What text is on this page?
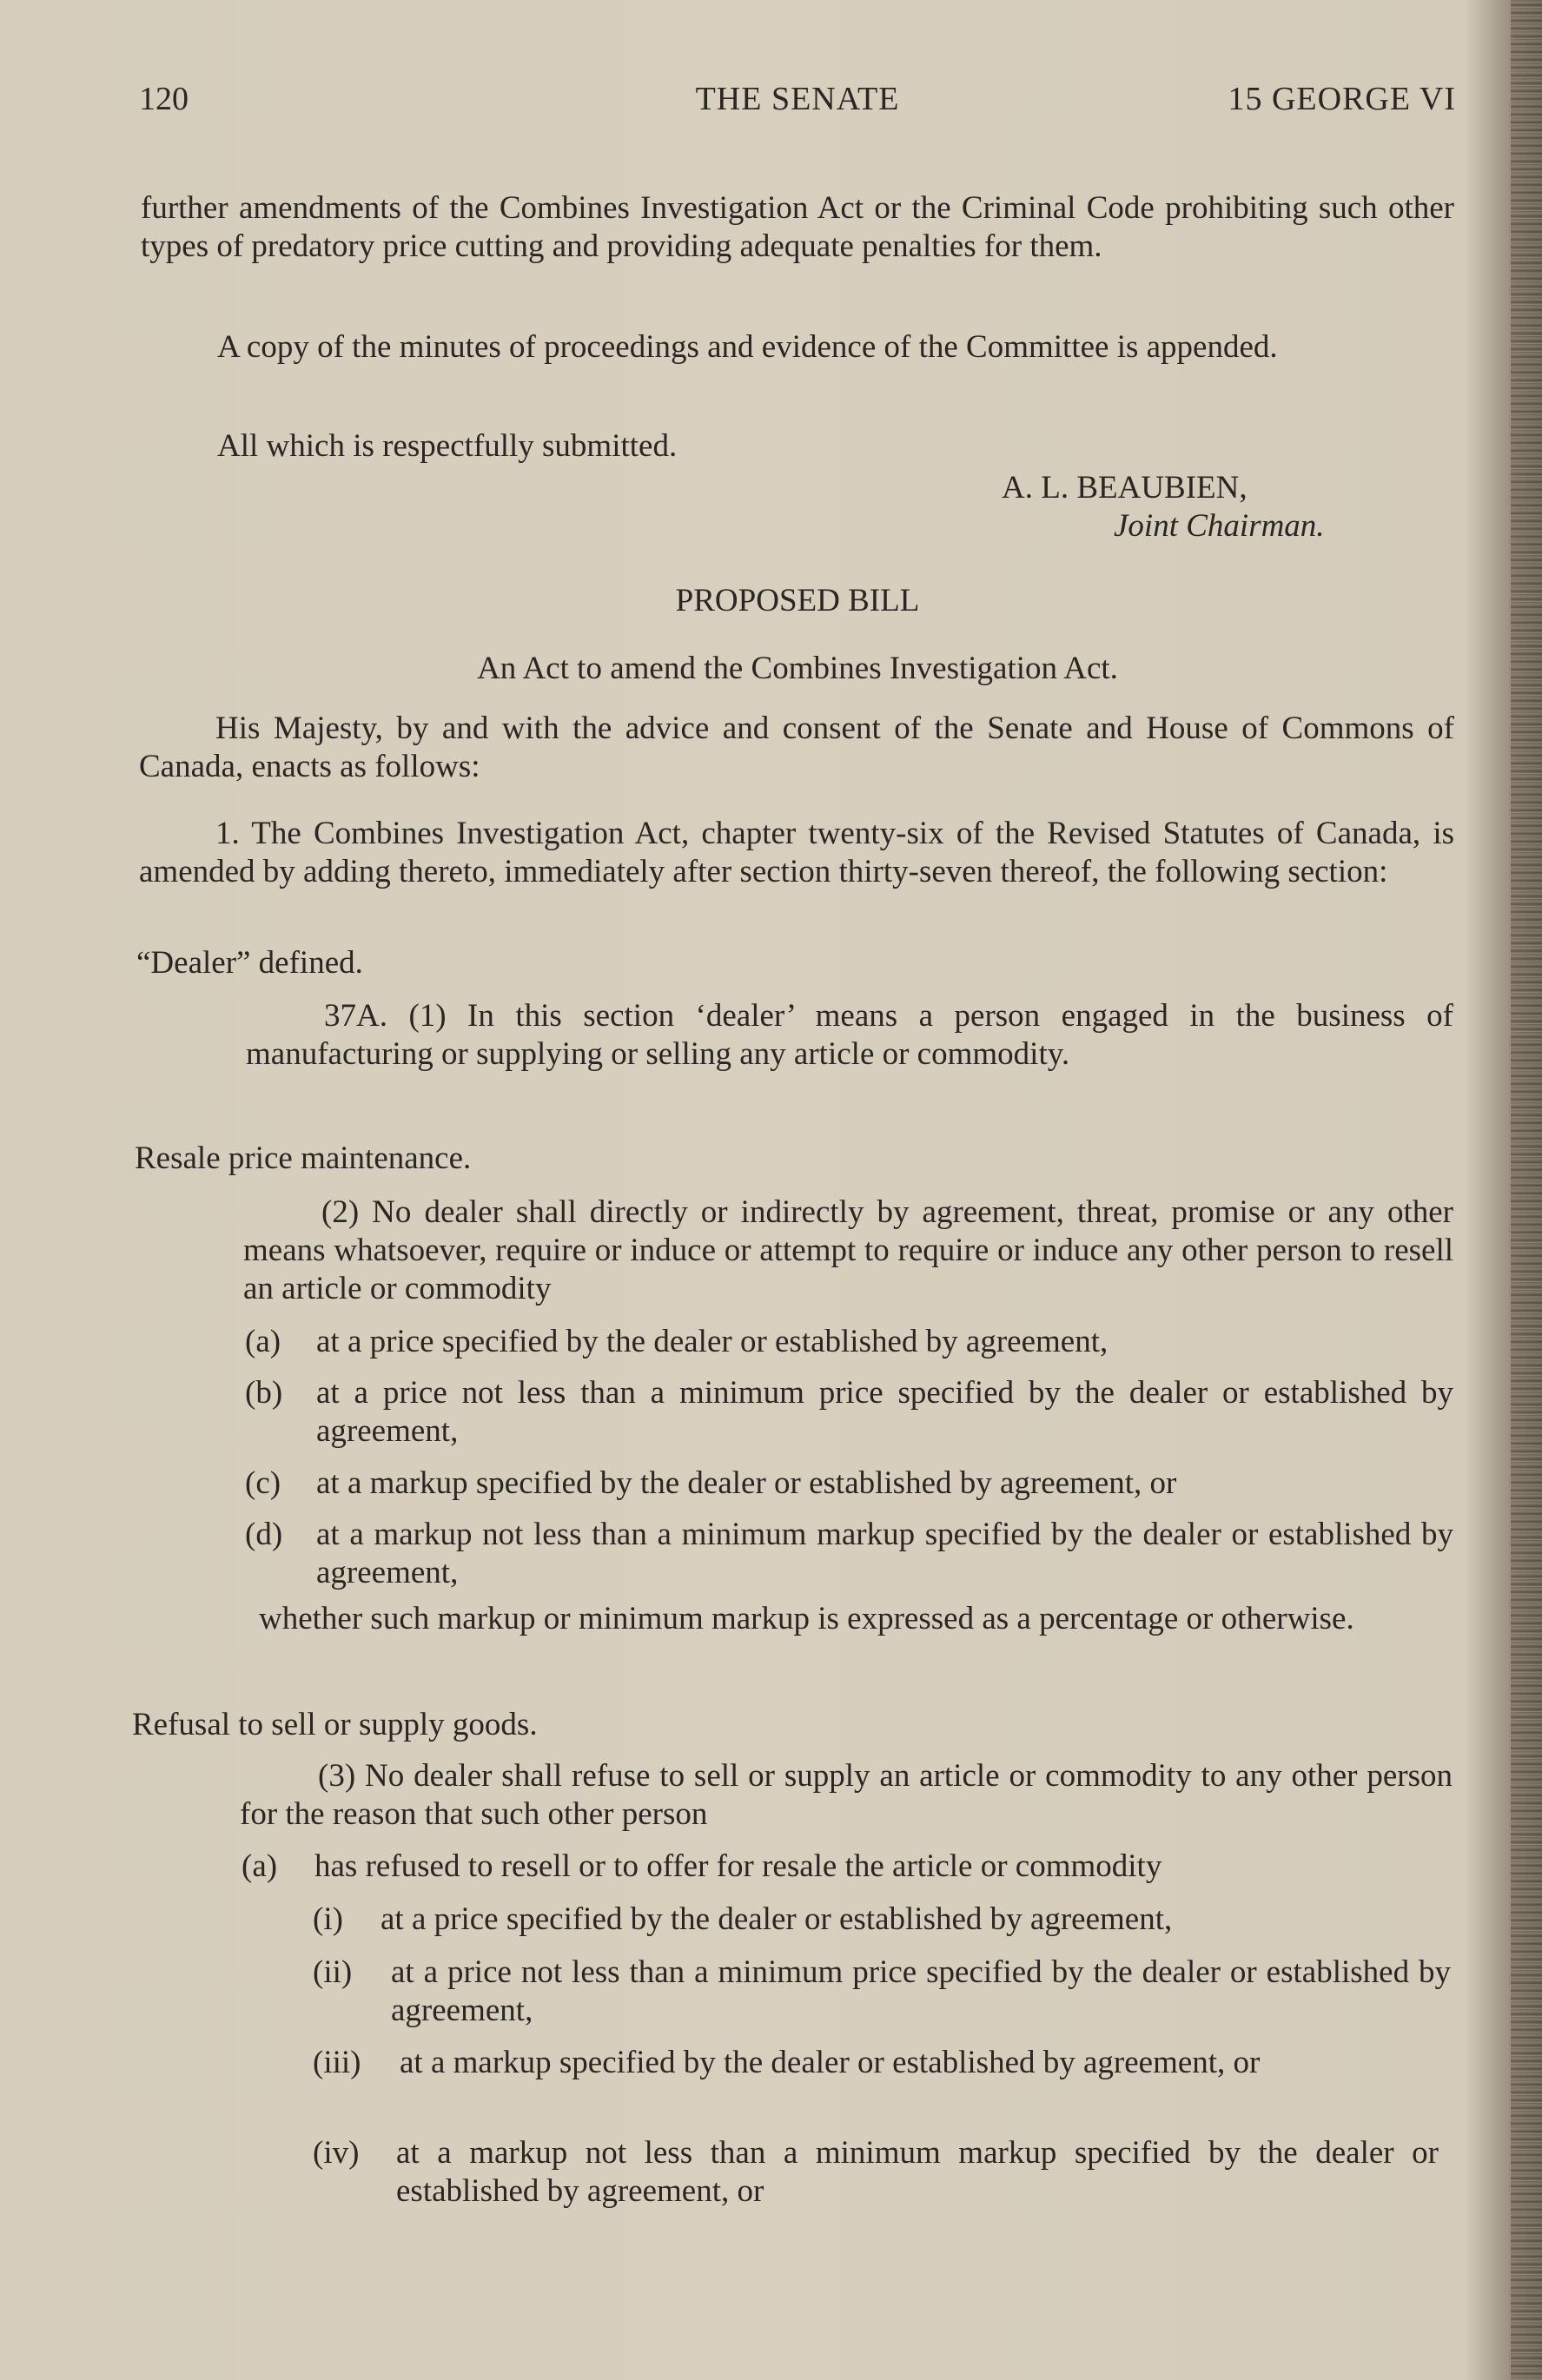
120	THE SENATE	15 GEORGE VI
further amendments of the Combines Investigation Act or the Criminal Code prohibiting such other types of predatory price cutting and providing adequate penalties for them.
A copy of the minutes of proceedings and evidence of the Committee is appended.
All which is respectfully submitted.
A. L. BEAUBIEN,
Joint Chairman.
PROPOSED BILL
An Act to amend the Combines Investigation Act.
His Majesty, by and with the advice and consent of the Senate and House of Commons of Canada, enacts as follows:
1. The Combines Investigation Act, chapter twenty-six of the Revised Statutes of Canada, is amended by adding thereto, immediately after section thirty-seven thereof, the following section:
“Dealer” defined.
37A. (1) In this section ‘dealer’ means a person engaged in the business of manufacturing or supplying or selling any article or commodity.
Resale price maintenance.
(2) No dealer shall directly or indirectly by agreement, threat, promise or any other means whatsoever, require or induce or attempt to require or induce any other person to resell an article or commodity
(a)	at a price specified by the dealer or established by agreement,
(b)	at a price not less than a minimum price specified by the dealer or established by agreement,
(c)	at a markup specified by the dealer or established by agreement, or
(d)	at a markup not less than a minimum markup specified by the dealer or established by agreement,
whether such markup or minimum markup is expressed as a percentage or otherwise.
Refusal to sell or supply goods.
(3) No dealer shall refuse to sell or supply an article or commodity to any other person for the reason that such other person
(a)	has refused to resell or to offer for resale the article or commodity
(i)	at a price specified by the dealer or established by agreement,
(ii)	at a price not less than a minimum price specified by the dealer or established by agreement,
(iii)	at a markup specified by the dealer or established by agreement, or
(iv)	at a markup not less than a minimum markup specified by the dealer or established by agreement, or
